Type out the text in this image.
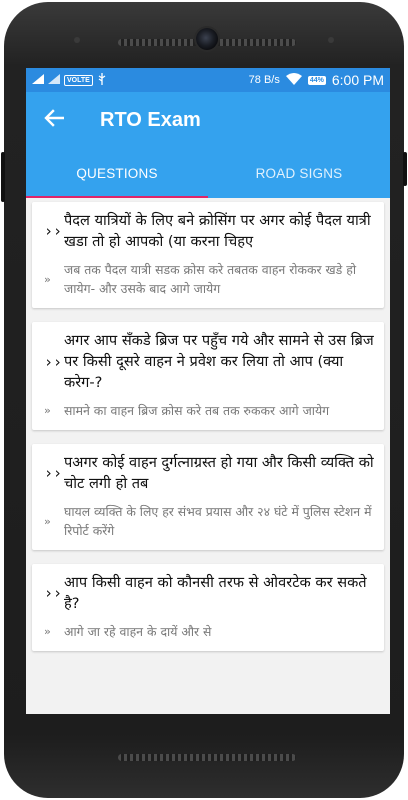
VOLTE	78 B/s	44% 6:00 PM
RTO Exam
QUESTIONS	ROAD SIGNS
››
पैदल यात्रियों के लिए बने क्रोसिंग पर अगर कोई पैदल यात्री खडा तो हो आपको (या करना चिहए
»
जब तक पैदल यात्री सडक क्रोस करे तबतक वाहन रोककर खडे हो जायेग- और उसके बाद आगे जायेग
››
अगर आप सँकडे ब्रिज पर पहुँच गये और सामने से उस ब्रिज पर किसी दूसरे वाहन ने प्रवेश कर लिया तो आप (क्या करेग-?
»	सामने का वाहन ब्रिज क्रोस करे तब तक रुककर आगे जायेग
››
पअगर कोई वाहन दुर्गत्नाग्रस्त हो गया और किसी व्यक्ति को चोट लगी हो तब
»
घायल व्यक्ति के लिए हर संभव प्रयास और २४ घंटे में पुलिस स्टेशन में रिपोर्ट करेंगे
››
आप किसी वाहन को कौनसी तरफ से ओवरटेक कर सकते है?
»	आगे जा रहे वाहन के दायें और से
